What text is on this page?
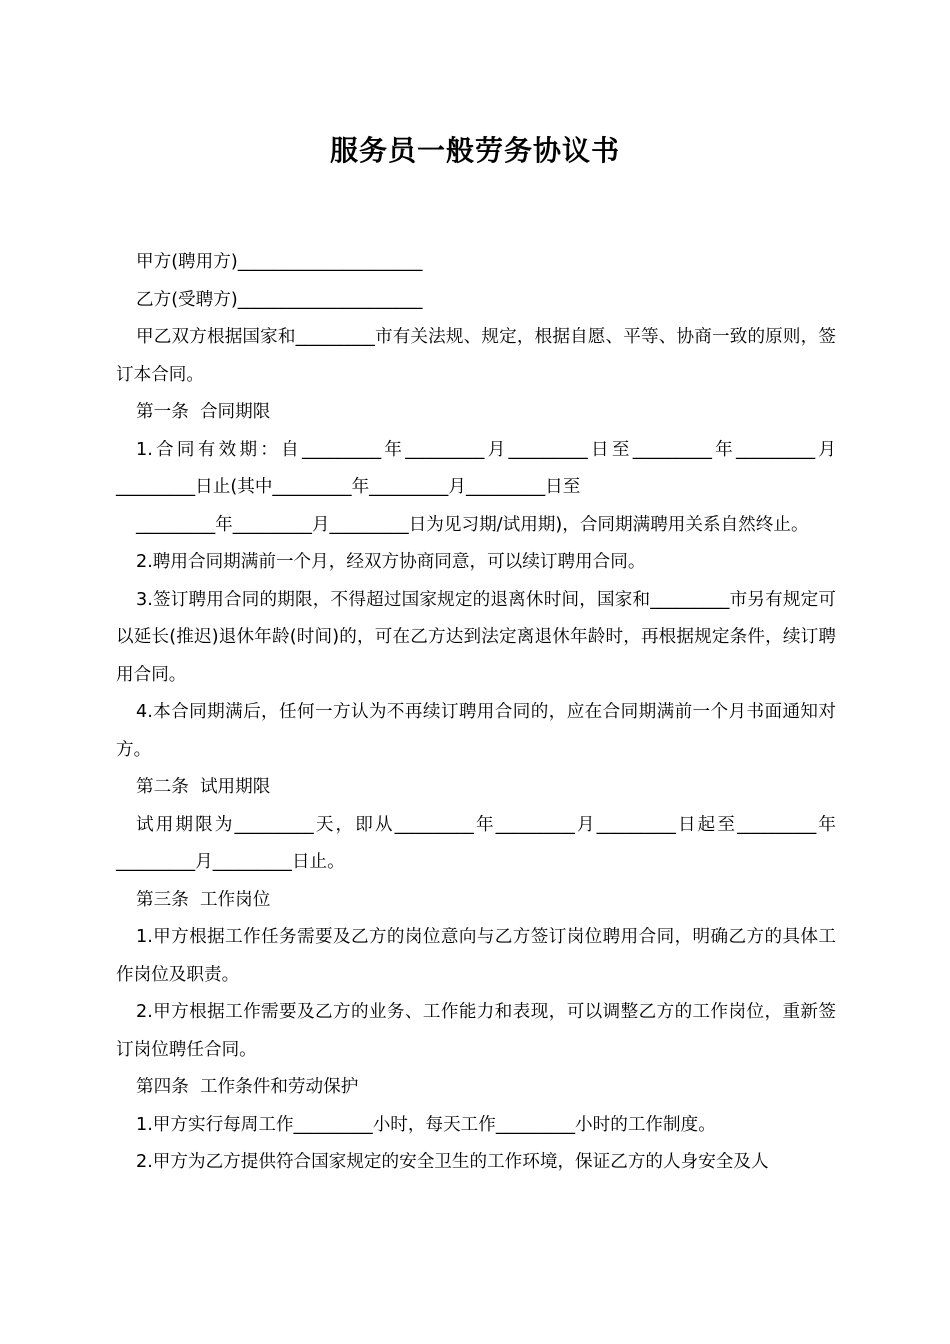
服务员一般劳务协议书

甲方(聘用方)_____________________

乙方(受聘方)_____________________

甲乙双方根据国家和_________市有关法规、规定，根据自愿、平等、协商一致的原则，签订本合同。

第一条  合同期限

1.合同有效期：自_________年_________月_________日至_________年_________月_________日止(其中_________年_________月_________日至

_________年_________月_________日为见习期/试用期)，合同期满聘用关系自然终止。

2.聘用合同期满前一个月，经双方协商同意，可以续订聘用合同。

3.签订聘用合同的期限，不得超过国家规定的退离休时间，国家和_________市另有规定可以延长(推迟)退休年龄(时间)的，可在乙方达到法定离退休年龄时，再根据规定条件，续订聘用合同。

4.本合同期满后，任何一方认为不再续订聘用合同的，应在合同期满前一个月书面通知对方。

第二条  试用期限

试用期限为_________天，即从_________年_________月_________日起至_________年_________月_________日止。

第三条  工作岗位

1.甲方根据工作任务需要及乙方的岗位意向与乙方签订岗位聘用合同，明确乙方的具体工作岗位及职责。

2.甲方根据工作需要及乙方的业务、工作能力和表现，可以调整乙方的工作岗位，重新签订岗位聘任合同。

第四条  工作条件和劳动保护

1.甲方实行每周工作_________小时，每天工作_________小时的工作制度。

2.甲方为乙方提供符合国家规定的安全卫生的工作环境，保证乙方的人身安全及人
